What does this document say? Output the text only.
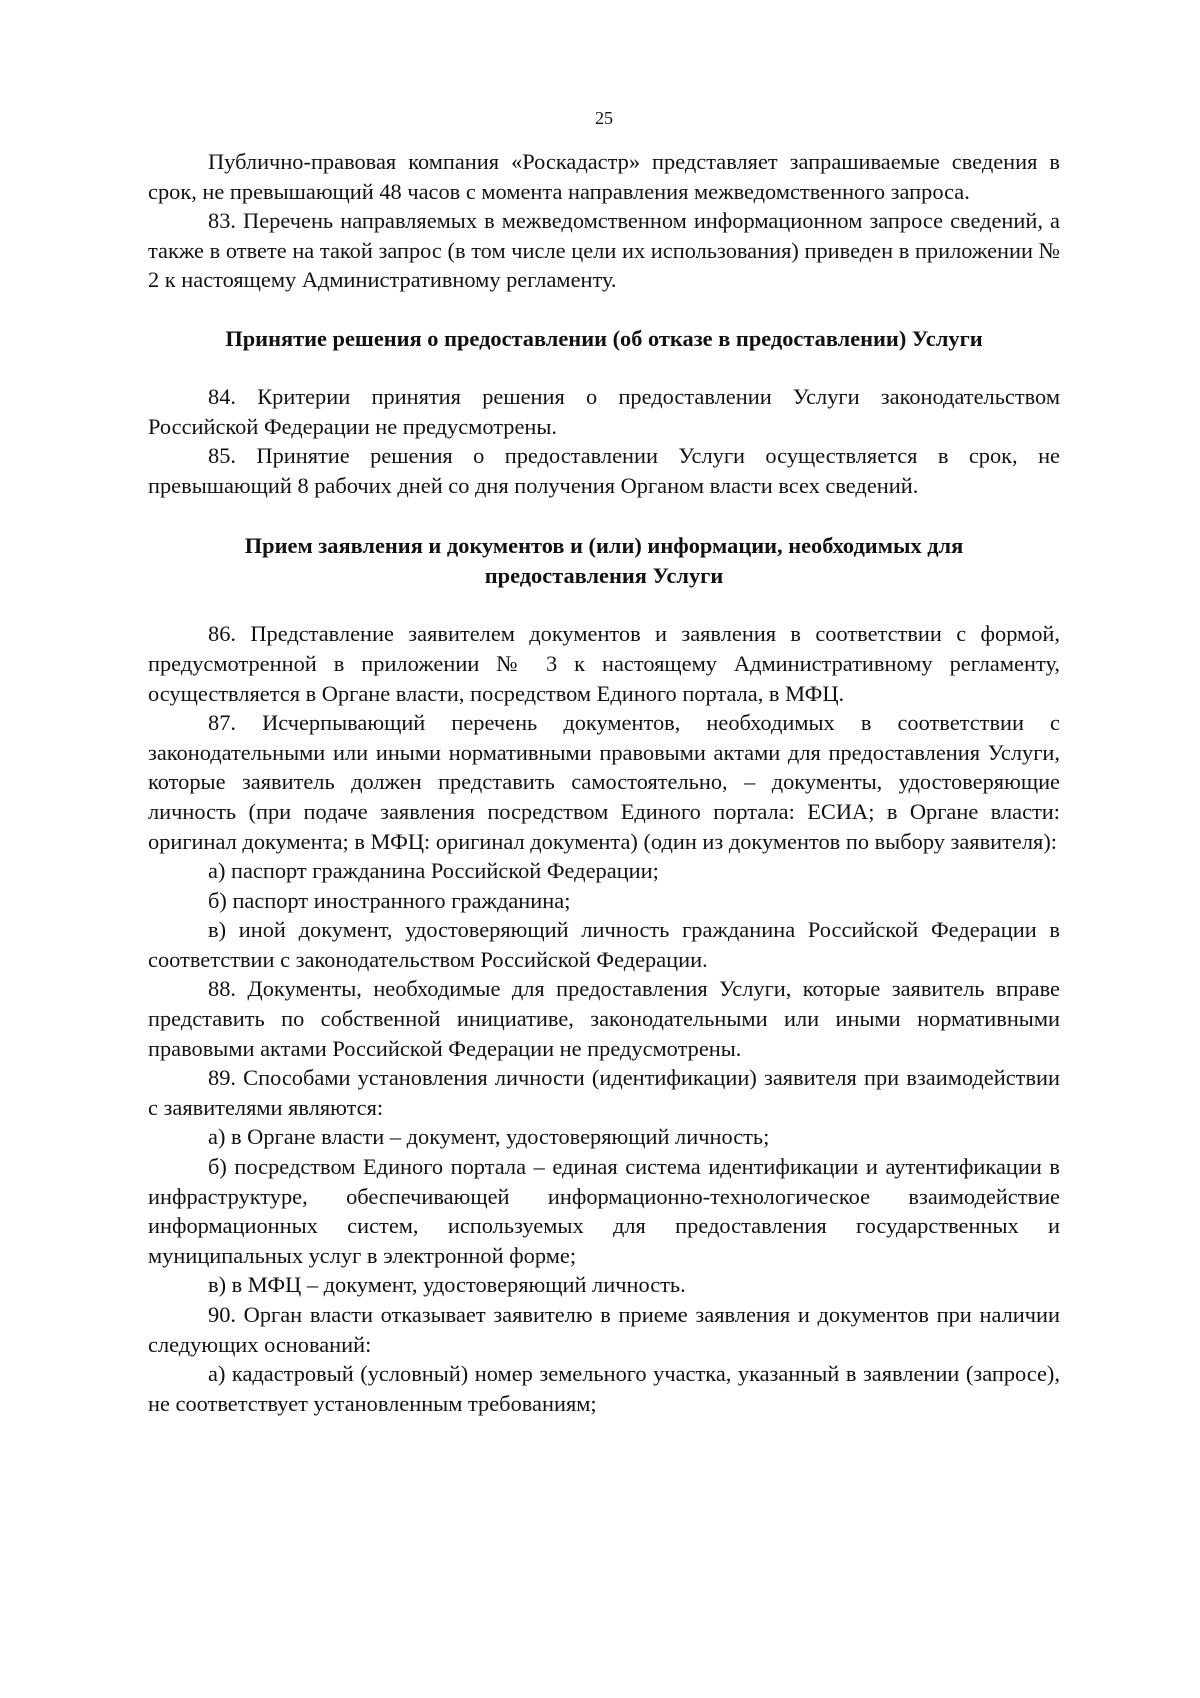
25

Публично-правовая компания «Роскадастр» представляет запрашиваемые сведения в срок, не превышающий 48 часов с момента направления межведомственного запроса.

83. Перечень направляемых в межведомственном информационном запросе сведений, а также в ответе на такой запрос (в том числе цели их использования) приведен в приложении № 2 к настоящему Административному регламенту.

Принятие решения о предоставлении (об отказе в предоставлении) Услуги

84. Критерии принятия решения о предоставлении Услуги законодательством Российской Федерации не предусмотрены.

85. Принятие решения о предоставлении Услуги осуществляется в срок, не превышающий 8 рабочих дней со дня получения Органом власти всех сведений.

Прием заявления и документов и (или) информации, необходимых для предоставления Услуги

86. Представление заявителем документов и заявления в соответствии с формой, предусмотренной в приложении № 3 к настоящему Административному регламенту, осуществляется в Органе власти, посредством Единого портала, в МФЦ.

87. Исчерпывающий перечень документов, необходимых в соответствии с законодательными или иными нормативными правовыми актами для предоставления Услуги, которые заявитель должен представить самостоятельно, – документы, удостоверяющие личность (при подаче заявления посредством Единого портала: ЕСИА; в Органе власти: оригинал документа; в МФЦ: оригинал документа) (один из документов по выбору заявителя):

а) паспорт гражданина Российской Федерации;

б) паспорт иностранного гражданина;

в) иной документ, удостоверяющий личность гражданина Российской Федерации в соответствии с законодательством Российской Федерации.

88. Документы, необходимые для предоставления Услуги, которые заявитель вправе представить по собственной инициативе, законодательными или иными нормативными правовыми актами Российской Федерации не предусмотрены.

89. Способами установления личности (идентификации) заявителя при взаимодействии с заявителями являются:

а) в Органе власти – документ, удостоверяющий личность;

б) посредством Единого портала – единая система идентификации и аутентификации в инфраструктуре, обеспечивающей информационно-технологическое взаимодействие информационных систем, используемых для предоставления государственных и муниципальных услуг в электронной форме;

в) в МФЦ – документ, удостоверяющий личность.

90. Орган власти отказывает заявителю в приеме заявления и документов при наличии следующих оснований:

а) кадастровый (условный) номер земельного участка, указанный в заявлении (запросе), не соответствует установленным требованиям;
